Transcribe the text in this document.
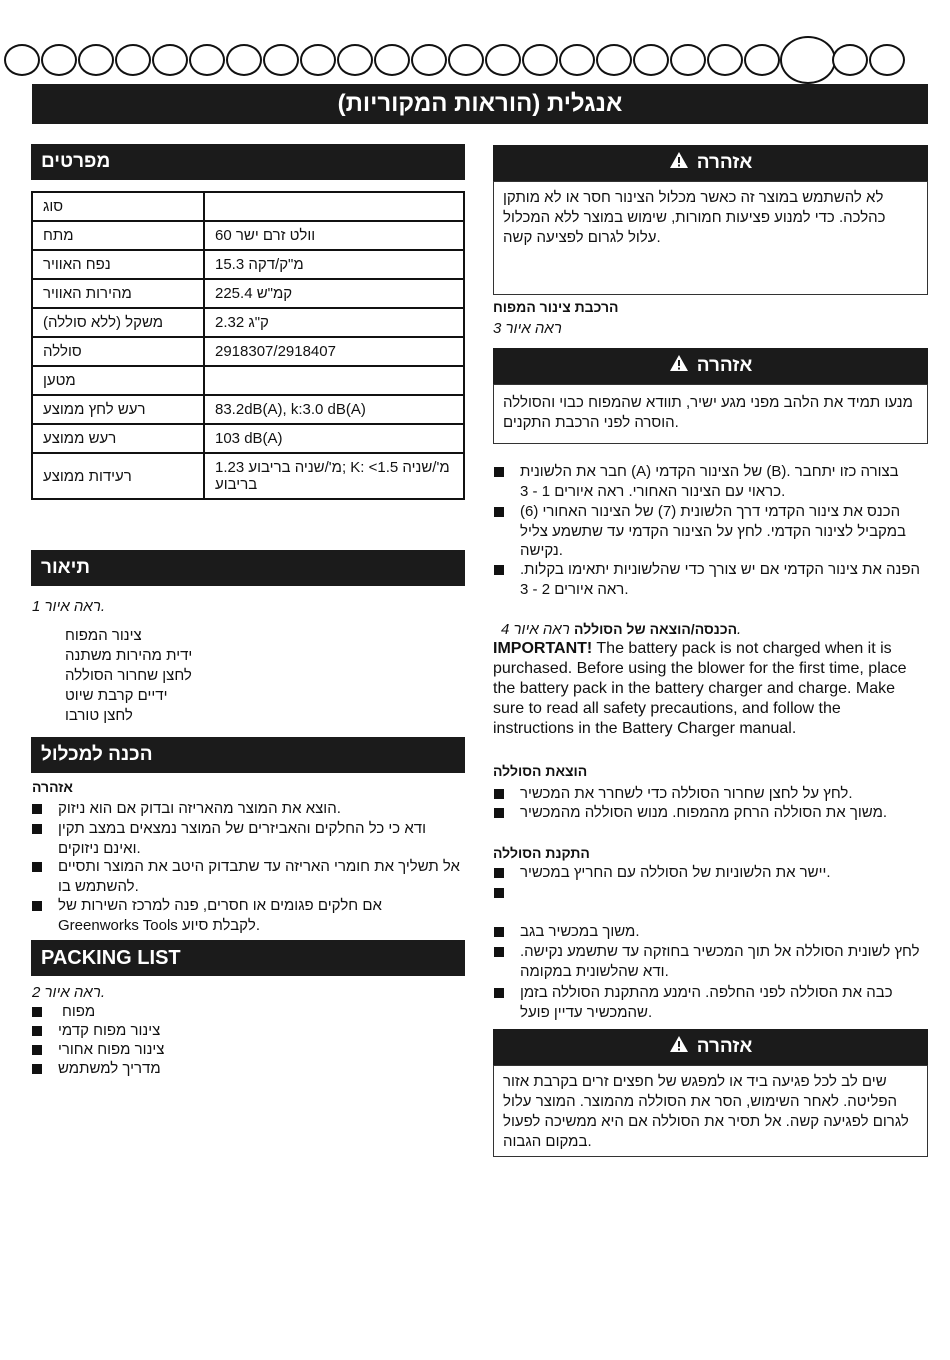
אנגלית (הוראות המקוריות)
מפרטים
סוג	
מתח	60 וולט זרם ישר
נפח האוויר	15.3 מ"ק/דקה
מהירות האוויר	225.4 קמ"ש
משקל (ללא סוללה)	2.32 ק"ג
סוללה	2918307/2918407
מטען	
רעש לחץ ממוצע	83.2dB(A), k:3.0 dB(A)
רעש ממוצע	103 dB(A)
רעידות ממוצע	1.23 מ'/שניה בריבוע; K: <1.5 מ'/שניה בריבוע
תיאור
ראה איור 1.
צינור המפוח
ידית מהירות משתנה
לחצן שחרור הסוללה
ידיים קרבת שיוט
לחצן טורבו
הכנה למכלול
אזהרה
הוצא את המוצר מהאריזה ובדוק אם הוא ניזוק.
ודא כי כל החלקים והאביזרים של המוצר נמצאים במצב תקין ואינם ניזוקים.
אל תשליך את חומרי האריזה עד שתבדוק היטב את המוצר ותסיים להשתמש בו.
אם חלקים פגומים או חסרים, פנה למרכז השירות של Greenworks Tools לקבלת סיוע.
PACKING LIST
ראה איור 2.
מפוח
צינור מפוח קדמי
צינור מפוח אחורי
מדריך למשתמש
אזהרה
לא להשתמש במוצר זה כאשר מכלול הצינור חסר או לא מותקן כהלכה. כדי למנוע פציעות חמורות, שימוש במוצר ללא המכלול עלול לגרום לפציעה קשה.
הרכבת צינור המפוח
ראה איור 3
אזהרה
מנעו תמיד את הלהב מפני מגע ישיר, תוודא שהמפוח כבוי והסוללה הוסרה לפני הרכבת התקנים.
חבר את הלשונית (A) של הצינור הקדמי (B). בצורה כזו יתחבר כראוי עם הצינור האחורי. ראה איורים 1 - 3.
הכנס את צינור הקדמי דרך הלשונית (7) של הצינור האחורי (6) במקביל לצינור הקדמי. לחץ על הצינור הקדמי עד שתשמע צליל נקישה.
הפנה את צינור הקדמי אם יש צורך כדי שהלשוניות יתאימו בקלות. ראה איורים 2 - 3.
הכנסה/הוצאה של הסוללה ראה איור 4.
IMPORTANT! The battery pack is not charged when it is purchased. Before using the blower for the first time, place the battery pack in the battery charger and charge. Make sure to read all safety precautions, and follow the instructions in the Battery Charger manual.
הוצאת הסוללה
לחץ על לחצן שחרור הסוללה כדי לשחרר את המכשיר.
משוך את הסוללה הרחק מהמפוח. מנוש הסוללה מהמכשיר.
התקנת הסוללה
יישר את הלשוניות של הסוללה עם החריץ במכשיר.
משוך במכשיר בגב.
לחץ לשונית הסוללה אל תוך המכשיר בחוזקה עד שתשמע נקישה. ודא שהלשונית במקומה.
כבה את הסוללה לפני החלפה. הימנע מהתקנת הסוללה בזמן שהמכשיר עדיין פועל.
אזהרה
שים לב לכל פגיעה ביד או למפגש של חפצים זרים בקרבת אזור הפליטה. לאחר השימוש, הסר את הסוללה מהמוצר. המוצר עלול לגרום לפגיעה קשה. אל תסיר את הסוללה אם היא ממשיכה לפעול במקום הגבוה.
